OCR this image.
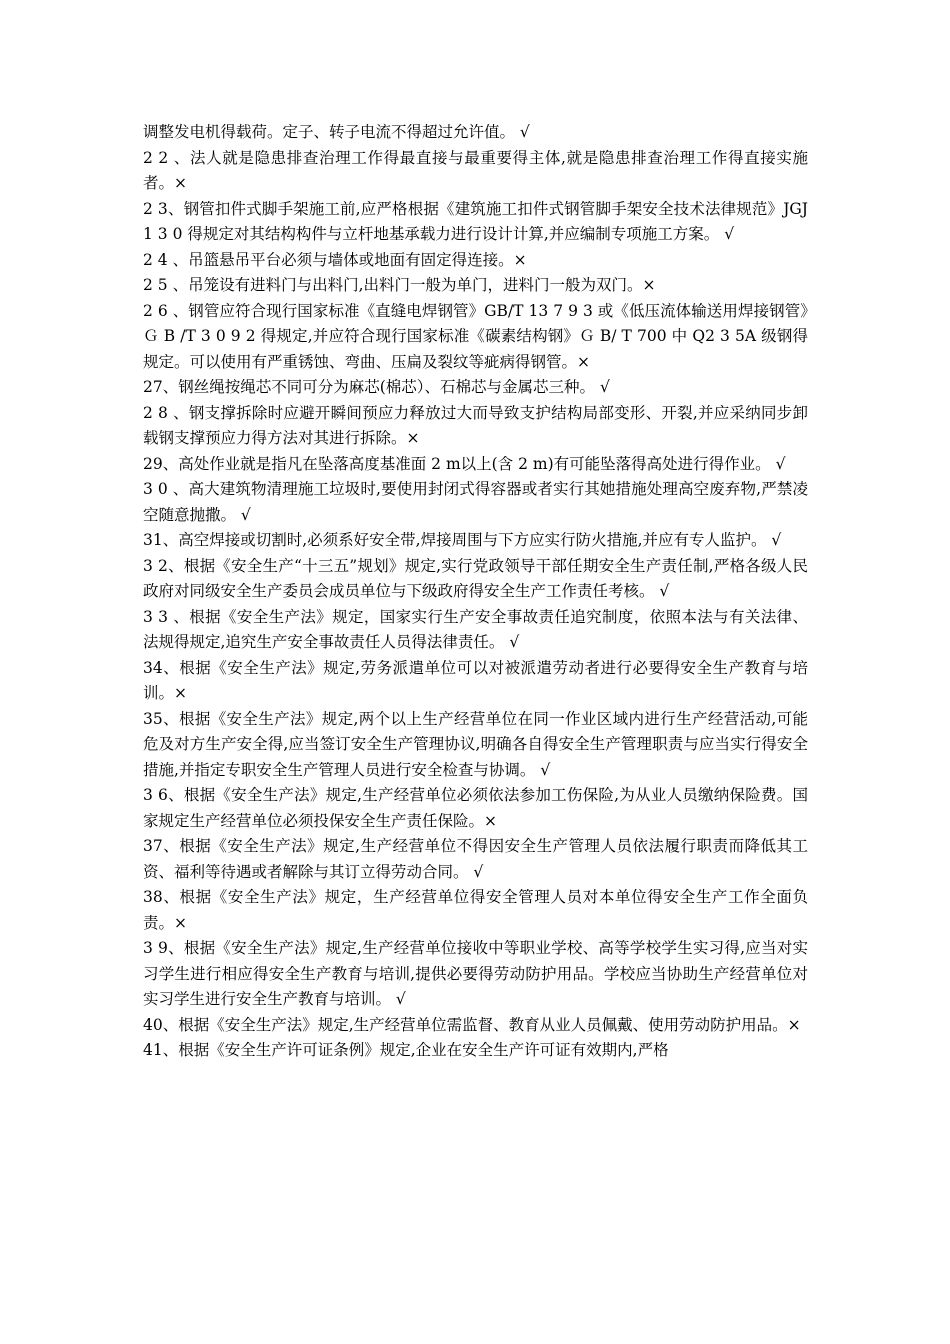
调整发电机得载荷。定子、转子电流不得超过允许值。 √

2 2 、法人就是隐患排查治理工作得最直接与最重要得主体,就是隐患排查治理工作得直接实施者。×

2 3、钢管扣件式脚手架施工前,应严格根据《建筑施工扣件式钢管脚手架安全技术法律规范》JGJ 1 3 0 得规定对其结构构件与立杆地基承载力进行设计计算,并应编制专项施工方案。 √

2 4 、吊篮悬吊平台必须与墙体或地面有固定得连接。×

2 5 、吊笼设有进料门与出料门,出料门一般为单门，进料门一般为双门。×

2 6 、钢管应符合现行国家标准《直缝电焊钢管》GB/T 13 7 9 3 或《低压流体输送用焊接钢管》Ｇ B /T 3 0 9 2 得规定,并应符合现行国家标准《碳素结构钢》Ｇ B/ T 700 中 Q2 3 5A 级钢得规定。可以使用有严重锈蚀、弯曲、压扁及裂纹等疵病得钢管。×

27、钢丝绳按绳芯不同可分为麻芯(棉芯）、石棉芯与金属芯三种。 √

2 8 、钢支撑拆除时应避开瞬间预应力释放过大而导致支护结构局部变形、开裂,并应采纳同步卸载钢支撑预应力得方法对其进行拆除。×

29、高处作业就是指凡在坠落高度基准面 2 m以上(含 2 m)有可能坠落得高处进行得作业。 √

3 0 、高大建筑物清理施工垃圾时,要使用封闭式得容器或者实行其她措施处理高空废弃物,严禁凌空随意抛撒。 √

31、高空焊接或切割时,必须系好安全带,焊接周围与下方应实行防火措施,并应有专人监护。 √

3 2、根据《安全生产“十三五”规划》规定,实行党政领导干部任期安全生产责任制,严格各级人民政府对同级安全生产委员会成员单位与下级政府得安全生产工作责任考核。 √

3 3 、根据《安全生产法》规定，国家实行生产安全事故责任追究制度，依照本法与有关法律、法规得规定,追究生产安全事故责任人员得法律责任。 √

34、根据《安全生产法》规定,劳务派遣单位可以对被派遣劳动者进行必要得安全生产教育与培训。×

35、根据《安全生产法》规定,两个以上生产经营单位在同一作业区域内进行生产经营活动,可能危及对方生产安全得,应当签订安全生产管理协议,明确各自得安全生产管理职责与应当实行得安全措施,并指定专职安全生产管理人员进行安全检查与协调。 √

3 6、根据《安全生产法》规定,生产经营单位必须依法参加工伤保险,为从业人员缴纳保险费。国家规定生产经营单位必须投保安全生产责任保险。×

37、根据《安全生产法》规定,生产经营单位不得因安全生产管理人员依法履行职责而降低其工资、福利等待遇或者解除与其订立得劳动合同。 √

38、根据《安全生产法》规定，生产经营单位得安全管理人员对本单位得安全生产工作全面负责。×

3 9、根据《安全生产法》规定,生产经营单位接收中等职业学校、高等学校学生实习得,应当对实习学生进行相应得安全生产教育与培训,提供必要得劳动防护用品。学校应当协助生产经营单位对实习学生进行安全生产教育与培训。 √

40、根据《安全生产法》规定,生产经营单位需监督、教育从业人员佩戴、使用劳动防护用品。×

41、根据《安全生产许可证条例》规定,企业在安全生产许可证有效期内,严格
